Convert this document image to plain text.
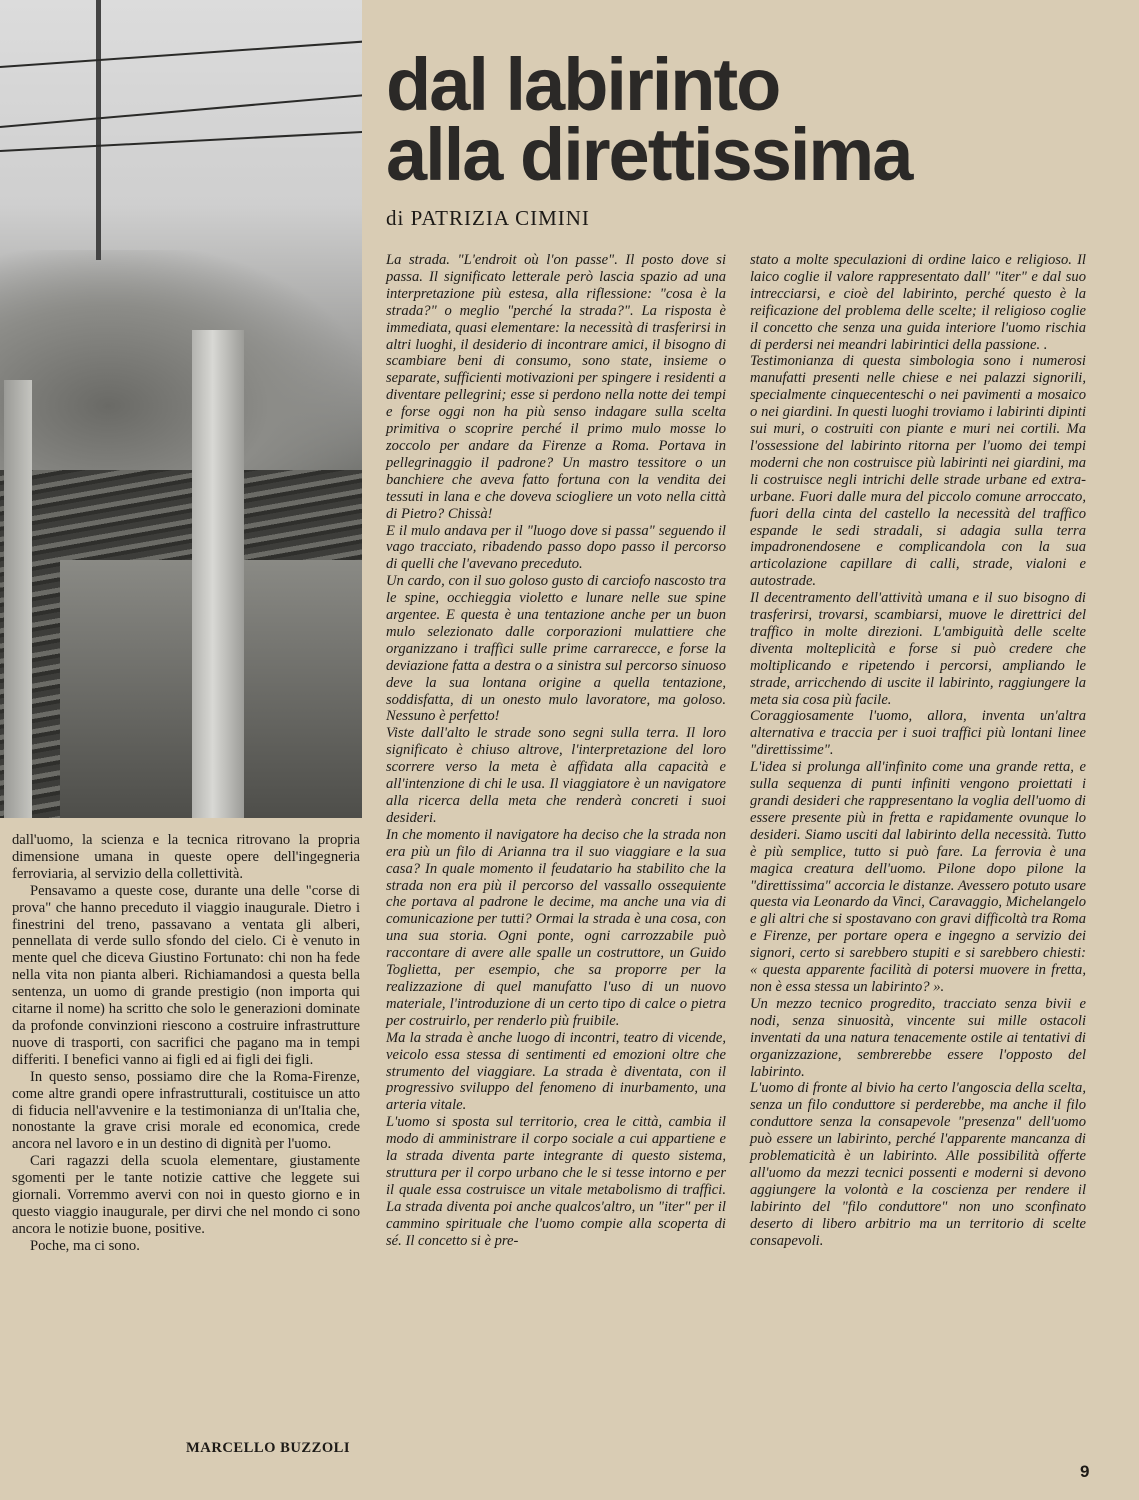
dal labirinto
alla direttissima

di PATRIZIA CIMINI

dall'uomo, la scienza e la tecnica ritrovano la propria dimensione umana in queste opere dell'ingegneria ferroviaria, al servizio della collettività.

Pensavamo a queste cose, durante una delle "corse di prova" che hanno preceduto il viaggio inaugurale. Dietro i finestrini del treno, passavano a ventata gli alberi, pennellata di verde sullo sfondo del cielo. Ci è venuto in mente quel che diceva Giustino Fortunato: chi non ha fede nella vita non pianta alberi. Richiamandosi a questa bella sentenza, un uomo di grande prestigio (non importa qui citarne il nome) ha scritto che solo le generazioni dominate da profonde convinzioni riescono a costruire infrastrutture nuove di trasporti, con sacrifici che pagano ma in tempi differiti. I benefici vanno ai figli ed ai figli dei figli.

In questo senso, possiamo dire che la Roma-Firenze, come altre grandi opere infrastrutturali, costituisce un atto di fiducia nell'avvenire e la testimonianza di un'Italia che, nonostante la grave crisi morale ed economica, crede ancora nel lavoro e in un destino di dignità per l'uomo.

Cari ragazzi della scuola elementare, giustamente sgomenti per le tante notizie cattive che leggete sui giornali. Vorremmo avervi con noi in questo giorno e in questo viaggio inaugurale, per dirvi che nel mondo ci sono ancora le notizie buone, positive.

Poche, ma ci sono.

MARCELLO BUZZOLI

La strada. "L'endroit où l'on passe". Il posto dove si passa. Il significato letterale però lascia spazio ad una interpretazione più estesa, alla riflessione: "cosa è la strada?" o meglio "perché la strada?". La risposta è immediata, quasi elementare: la necessità di trasferirsi in altri luoghi, il desiderio di incontrare amici, il bisogno di scambiare beni di consumo, sono state, insieme o separate, sufficienti motivazioni per spingere i residenti a diventare pellegrini; esse si perdono nella notte dei tempi e forse oggi non ha più senso indagare sulla scelta primitiva o scoprire perché il primo mulo mosse lo zoccolo per andare da Firenze a Roma. Portava in pellegrinaggio il padrone? Un mastro tessitore o un banchiere che aveva fatto fortuna con la vendita dei tessuti in lana e che doveva sciogliere un voto nella città di Pietro? Chissà!

E il mulo andava per il "luogo dove si passa" seguendo il vago tracciato, ribadendo passo dopo passo il percorso di quelli che l'avevano preceduto.

Un cardo, con il suo goloso gusto di carciofo nascosto tra le spine, occhieggia violetto e lunare nelle sue spine argentee. E questa è una tentazione anche per un buon mulo selezionato dalle corporazioni mulattiere che organizzano i traffici sulle prime carrarecce, e forse la deviazione fatta a destra o a sinistra sul percorso sinuoso deve la sua lontana origine a quella tentazione, soddisfatta, di un onesto mulo lavoratore, ma goloso. Nessuno è perfetto!

Viste dall'alto le strade sono segni sulla terra. Il loro significato è chiuso altrove, l'interpretazione del loro scorrere verso la meta è affidata alla capacità e all'intenzione di chi le usa. Il viaggiatore è un navigatore alla ricerca della meta che renderà concreti i suoi desideri.

In che momento il navigatore ha deciso che la strada non era più un filo di Arianna tra il suo viaggiare e la sua casa? In quale momento il feudatario ha stabilito che la strada non era più il percorso del vassallo ossequiente che portava al padrone le decime, ma anche una via di comunicazione per tutti? Ormai la strada è una cosa, con una sua storia. Ogni ponte, ogni carrozzabile può raccontare di avere alle spalle un costruttore, un Guido Toglietta, per esempio, che sa proporre per la realizzazione di quel manufatto l'uso di un nuovo materiale, l'introduzione di un certo tipo di calce o pietra per costruirlo, per renderlo più fruibile.

Ma la strada è anche luogo di incontri, teatro di vicende, veicolo essa stessa di sentimenti ed emozioni oltre che strumento del viaggiare. La strada è diventata, con il progressivo sviluppo del fenomeno di inurbamento, una arteria vitale.

L'uomo si sposta sul territorio, crea le città, cambia il modo di amministrare il corpo sociale a cui appartiene e la strada diventa parte integrante di questo sistema, struttura per il corpo urbano che le si tesse intorno e per il quale essa costruisce un vitale metabolismo di traffici. La strada diventa poi anche qualcos'altro, un "iter" per il cammino spirituale che l'uomo compie alla scoperta di sé. Il concetto si è pre-

stato a molte speculazioni di ordine laico e religioso. Il laico coglie il valore rappresentato dall' "iter" e dal suo intrecciarsi, e cioè del labirinto, perché questo è la reificazione del problema delle scelte; il religioso coglie il concetto che senza una guida interiore l'uomo rischia di perdersi nei meandri labirintici della passione. .

Testimonianza di questa simbologia sono i numerosi manufatti presenti nelle chiese e nei palazzi signorili, specialmente cinquecenteschi o nei pavimenti a mosaico o nei giardini. In questi luoghi troviamo i labirinti dipinti sui muri, o costruiti con piante e muri nei cortili. Ma l'ossessione del labirinto ritorna per l'uomo dei tempi moderni che non costruisce più labirinti nei giardini, ma li costruisce negli intrichi delle strade urbane ed extra-urbane. Fuori dalle mura del piccolo comune arroccato, fuori della cinta del castello la necessità del traffico espande le sedi stradali, si adagia sulla terra impadronendosene e complicandola con la sua articolazione capillare di calli, strade, vialoni e autostrade.

Il decentramento dell'attività umana e il suo bisogno di trasferirsi, trovarsi, scambiarsi, muove le direttrici del traffico in molte direzioni. L'ambiguità delle scelte diventa molteplicità e forse si può credere che moltiplicando e ripetendo i percorsi, ampliando le strade, arricchendo di uscite il labirinto, raggiungere la meta sia cosa più facile.

Coraggiosamente l'uomo, allora, inventa un'altra alternativa e traccia per i suoi traffici più lontani linee "direttissime".

L'idea si prolunga all'infinito come una grande retta, e sulla sequenza di punti infiniti vengono proiettati i grandi desideri che rappresentano la voglia dell'uomo di essere presente più in fretta e rapidamente ovunque lo desideri. Siamo usciti dal labirinto della necessità. Tutto è più semplice, tutto si può fare. La ferrovia è una magica creatura dell'uomo. Pilone dopo pilone la "direttissima" accorcia le distanze. Avessero potuto usare questa via Leonardo da Vinci, Caravaggio, Michelangelo e gli altri che si spostavano con gravi difficoltà tra Roma e Firenze, per portare opera e ingegno a servizio dei signori, certo si sarebbero stupiti e si sarebbero chiesti: « questa apparente facilità di potersi muovere in fretta, non è essa stessa un labirinto? ».

Un mezzo tecnico progredito, tracciato senza bivii e nodi, senza sinuosità, vincente sui mille ostacoli inventati da una natura tenacemente ostile ai tentativi di organizzazione, sembrerebbe essere l'opposto del labirinto.

L'uomo di fronte al bivio ha certo l'angoscia della scelta, senza un filo conduttore si perderebbe, ma anche il filo conduttore senza la consapevole "presenza" dell'uomo può essere un labirinto, perché l'apparente mancanza di problematicità è un labirinto. Alle possibilità offerte all'uomo da mezzi tecnici possenti e moderni si devono aggiungere la volontà e la coscienza per rendere il labirinto del "filo conduttore" non uno sconfinato deserto di libero arbitrio ma un territorio di scelte consapevoli.

9
